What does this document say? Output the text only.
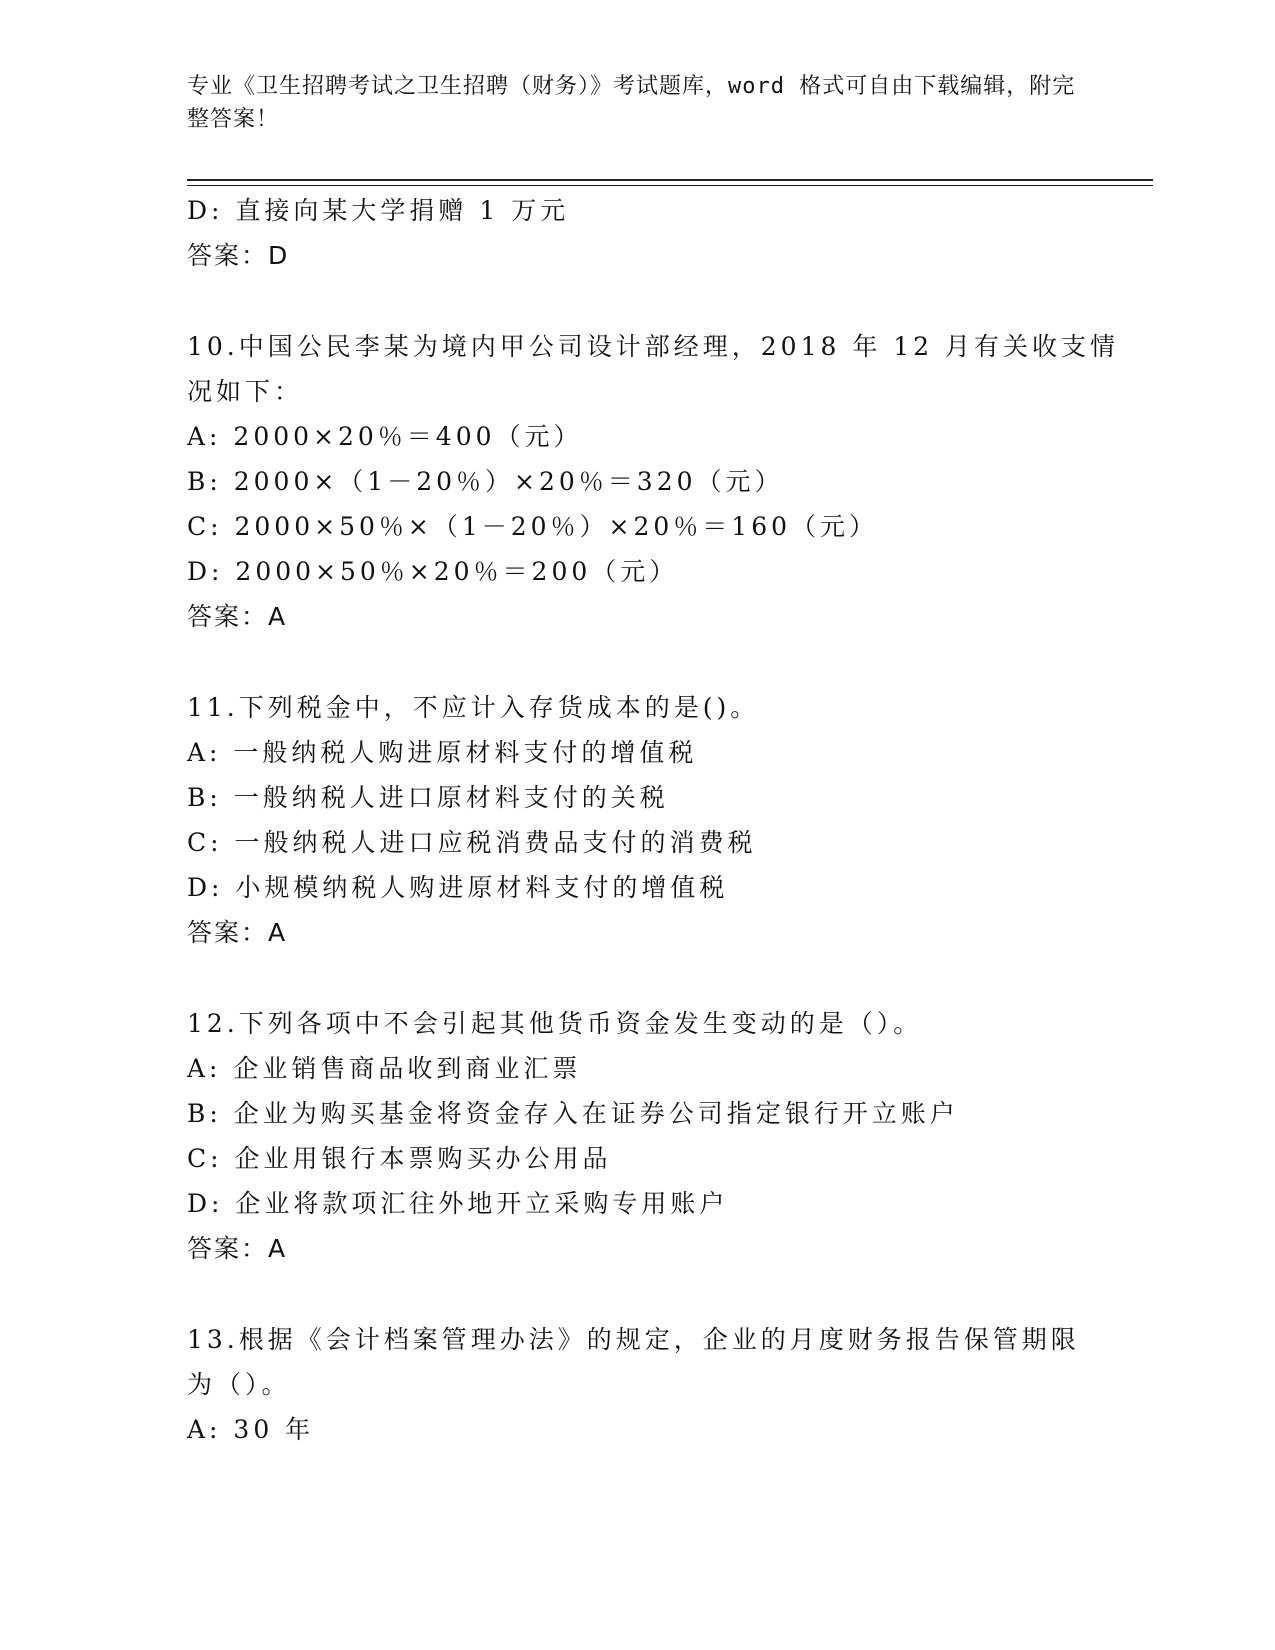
专业《卫生招聘考试之卫生招聘（财务）》考试题库，word 格式可自由下载编辑，附完整答案！
D: 直接向某大学捐赠 1 万元
答案：D
10.中国公民李某为境内甲公司设计部经理，2018 年 12 月有关收支情
况如下：
A: 2000×20％＝400（元）
B: 2000×（1－20％）×20％＝320（元）
C: 2000×50％×（1－20％）×20％＝160（元）
D: 2000×50％×20％＝200（元）
答案：A
11.下列税金中，不应计入存货成本的是()。
A: 一般纳税人购进原材料支付的增值税
B: 一般纳税人进口原材料支付的关税
C: 一般纳税人进口应税消费品支付的消费税
D: 小规模纳税人购进原材料支付的增值税
答案：A
12.下列各项中不会引起其他货币资金发生变动的是（）。
A: 企业销售商品收到商业汇票
B: 企业为购买基金将资金存入在证券公司指定银行开立账户
C: 企业用银行本票购买办公用品
D: 企业将款项汇往外地开立采购专用账户
答案：A
13.根据《会计档案管理办法》的规定，企业的月度财务报告保管期限
为（）。
A: 30 年
